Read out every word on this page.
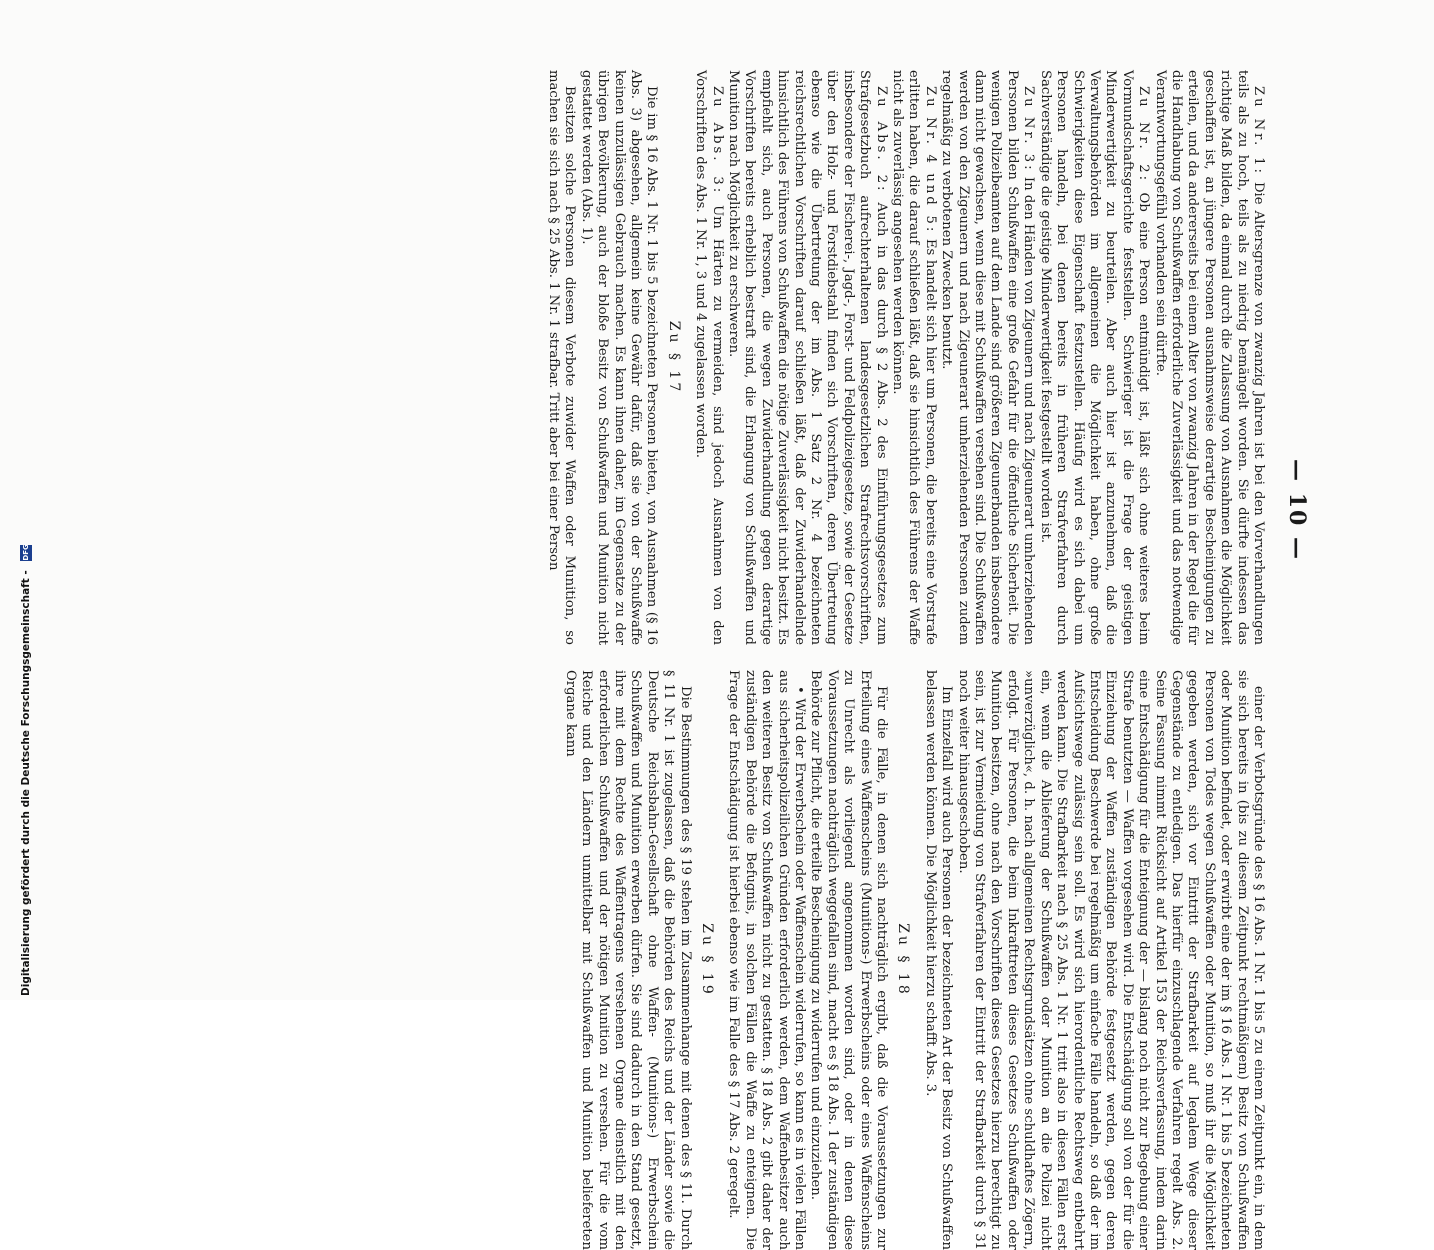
— 10 —

Zu Nr. 1: Die Altersgrenze von zwanzig Jahren ist bei den Vorverhandlungen teils als zu hoch, teils als zu niedrig bemängelt worden. Sie dürfte indessen das richtige Maß bilden, da einmal durch die Zulassung von Ausnahmen die Möglichkeit geschaffen ist, an jüngere Personen ausnahmsweise derartige Bescheinigungen zu erteilen, und da andererseits bei einem Alter von zwanzig Jahren in der Regel die für die Handhabung von Schußwaffen erforderliche Zuverlässigkeit und das notwendige Verantwortungsgefühl vorhanden sein dürfte.

Zu Nr. 2: Ob eine Person entmündigt ist, läßt sich ohne weiteres beim Vormundschaftsgerichte feststellen. Schwieriger ist die Frage der geistigen Minderwertigkeit zu beurteilen. Aber auch hier ist anzunehmen, daß die Verwaltungsbehörden im allgemeinen die Möglichkeit haben, ohne große Schwierigkeiten diese Eigenschaft festzustellen. Häufig wird es sich dabei um Personen handeln, bei denen bereits in früheren Strafverfahren durch Sachverständige die geistige Minderwertigkeit festgestellt worden ist.

Zu Nr. 3: In den Händen von Zigeunern und nach Zigeunerart umherziehenden Personen bilden Schußwaffen eine große Gefahr für die öffentliche Sicherheit. Die wenigen Polizeibeamten auf dem Lande sind größeren Zigeunerbanden insbesondere dann nicht gewachsen, wenn diese mit Schußwaffen versehen sind. Die Schußwaffen werden von den Zigeunern und nach Zigeunerart umherziehenden Personen zudem regelmäßig zu verbotenen Zwecken benutzt.

Zu Nr. 4 und 5: Es handelt sich hier um Personen, die bereits eine Vorstrafe erlitten haben, die darauf schließen läßt, daß sie hinsichtlich des Führens der Waffe nicht als zuverlässig angesehen werden können.

Zu Abs. 2: Auch in das durch § 2 Abs. 2 des Einführungsgesetzes zum Strafgesetzbuch aufrechterhaltenen landesgesetzlichen Strafrechtsvorschriften, insbesondere der Fischerei-, Jagd-, Forst- und Feldpolizeigesetze, sowie der Gesetze über den Holz- und Forstdiebstahl finden sich Vorschriften, deren Übertretung ebenso wie die Übertretung der im Abs. 1 Satz 2 Nr. 4 bezeichneten reichsrechtlichen Vorschriften darauf schließen läßt, daß der Zuwiderhandelnde hinsichtlich des Führens von Schußwaffen die nötige Zuverlässigkeit nicht besitzt. Es empfiehlt sich, auch Personen, die wegen Zuwiderhandlung gegen derartige Vorschriften bereits erheblich bestraft sind, die Erlangung von Schußwaffen und Munition nach Möglichkeit zu erschweren.

Zu Abs. 3: Um Härten zu vermeiden, sind jedoch Ausnahmen von den Vorschriften des Abs. 1 Nr. 1, 3 und 4 zugelassen worden.

Zu § 17

Die im § 16 Abs. 1 Nr. 1 bis 5 bezeichneten Personen bieten, von Ausnahmen (§ 16 Abs. 3) abgesehen, allgemein keine Gewähr dafür, daß sie von der Schußwaffe keinen unzulässigen Gebrauch machen. Es kann ihnen daher, im Gegensatze zu der übrigen Bevölkerung, auch der bloße Besitz von Schußwaffen und Munition nicht gestattet werden (Abs. 1).

Besitzen solche Personen diesem Verbote zuwider Waffen oder Munition, so machen sie sich nach § 25 Abs. 1 Nr. 1 strafbar. Tritt aber bei einer Person

einer der Verbotsgründe des § 16 Abs. 1 Nr. 1 bis 5 zu einem Zeitpunkt ein, in dem sie sich bereits in (bis zu diesem Zeitpunkt rechtmäßigem) Besitz von Schußwaffen oder Munition befindet, oder erwirbt eine der im § 16 Abs. 1 Nr. 1 bis 5 bezeichneten Personen von Todes wegen Schußwaffen oder Munition, so muß ihr die Möglichkeit gegeben werden, sich vor Eintritt der Strafbarkeit auf legalem Wege dieser Gegenstände zu entledigen. Das hierfür einzuschlagende Verfahren regelt Abs. 2. Seine Fassung nimmt Rücksicht auf Artikel 153 der Reichsverfassung, indem darin eine Entschädigung für die Enteignung der — bislang noch nicht zur Begebung einer Strafe benutzten — Waffen vorgesehen wird. Die Entschädigung soll von der für die Einziehung der Waffen zuständigen Behörde festgesetzt werden, gegen deren Entscheidung Beschwerde bei regelmäßig um einfache Fälle handeln, so daß der im Aufsichtswege zulässig sein soll. Es wird sich hierordentliche Rechtsweg entbehrt werden kann. Die Strafbarkeit nach § 25 Abs. 1 Nr. 1 tritt also in diesen Fällen erst ein, wenn die Ablieferung der Schußwaffen oder Munition an die Polizei nicht »unverzüglich«, d. h. nach allgemeinen Rechtsgrundsätzen ohne schuldhaftes Zögern, erfolgt. Für Personen, die beim Inkrafttreten dieses Gesetzes Schußwaffen oder Munition besitzen, ohne nach den Vorschriften dieses Gesetzes hierzu berechtigt zu sein, ist zur Vermeidung von Strafverfahren der Eintritt der Strafbarkeit durch § 31 noch weiter hinausgeschoben.

Im Einzelfall wird auch Personen der bezeichneten Art der Besitz von Schußwaffen belassen werden können. Die Möglichkeit hierzu schafft Abs. 3.

Zu § 18

Für die Fälle, in denen sich nachträglich ergibt, daß die Voraussetzungen zur Erteilung eines Waffenscheins (Munitions-) Erwerbscheins oder eines Waffenscheins zu Unrecht als vorliegend angenommen worden sind, oder in denen diese Voraussetzungen nachträglich weggefallen sind, macht es § 18 Abs. 1 der zuständigen Behörde zur Pflicht, die erteilte Bescheinigung zu widerrufen und einzuziehen.

• Wird der Erwerbschein oder Waffenschein widerrufen, so kann es in vielen Fällen aus sicherheitspolizeilichen Gründen erforderlich werden, dem Waffenbesitzer auch den weiteren Besitz von Schußwaffen nicht zu gestatten. § 18 Abs. 2 gibt daher der zuständigen Behörde die Befugnis, in solchen Fällen die Waffe zu enteignen. Die Frage der Entschädigung ist hierbei ebenso wie im Falle des § 17 Abs. 2 geregelt.

Zu § 19

Die Bestimmungen des § 19 stehen im Zusammenhange mit denen des § 11. Durch § 11 Nr. 1 ist zugelassen, daß die Behörden des Reichs und der Länder sowie die Deutsche Reichsbahn-Gesellschaft ohne Waffen- (Munitions-) Erwerbschein Schußwaffen und Munition erwerben dürfen. Sie sind dadurch in den Stand gesetzt, ihre mit dem Rechte des Waffentragens versehenen Organe dienstlich mit den erforderlichen Schußwaffen und der nötigen Munition zu versehen. Für die vom Reiche und den Ländern unmittelbar mit Schußwaffen und Munition beliefereten Organe kann

Digitalisierung gefördert durch die Deutsche Forschungsgemeinschaft - DFG
